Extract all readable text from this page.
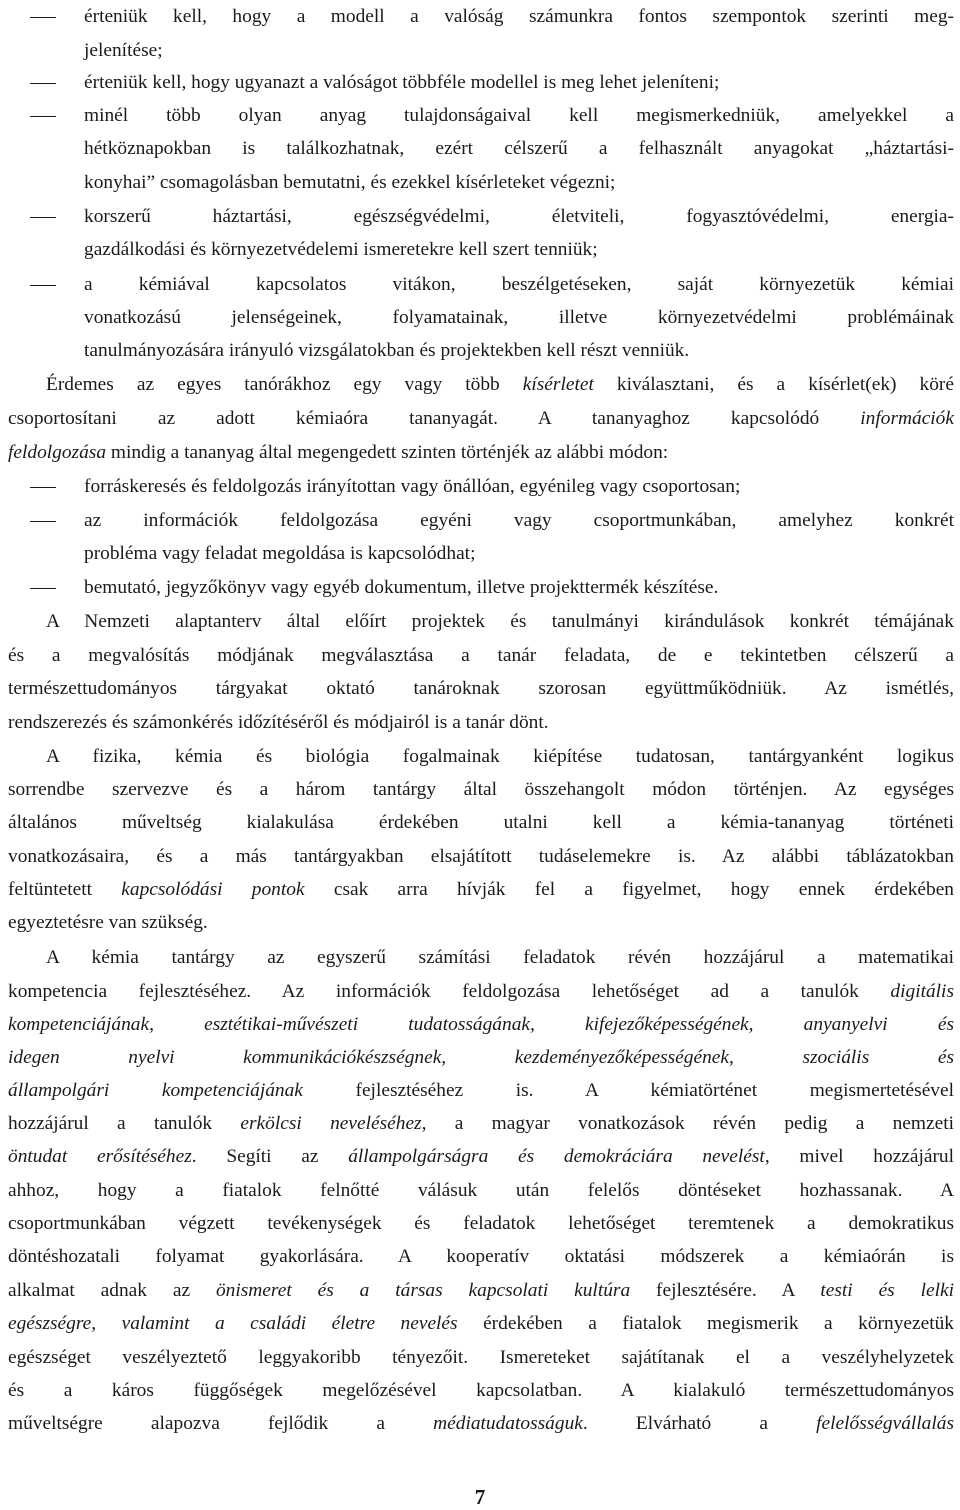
érteniük kell, hogy a modell a valóság számunkra fontos szempontok szerinti meg-
jelenítése;
érteniük kell, hogy ugyanazt a valóságot többféle modellel is meg lehet jeleníteni;
minél több olyan anyag tulajdonságaival kell megismerkedniük, amelyekkel a
hétköznapokban is találkozhatnak, ezért célszerű a felhasznált anyagokat „háztartási-
konyhai” csomagolásban bemutatni, és ezekkel kísérleteket végezni;
korszerű háztartási, egészségvédelmi, életviteli, fogyasztóvédelmi, energia-
gazdálkodási és környezetvédelemi ismeretekre kell szert tenniük;
a kémiával kapcsolatos vitákon, beszélgetéseken, saját környezetük kémiai
vonatkozású jelenségeinek, folyamatainak, illetve környezetvédelmi problémáinak
tanulmányozására irányuló vizsgálatokban és projektekben kell részt venniük.
Érdemes az egyes tanórákhoz egy vagy több kísérletet kiválasztani, és a kísérlet(ek) köré
csoportosítani az adott kémiaóra tananyagát. A tananyaghoz kapcsolódó információk
feldolgozása mindig a tananyag által megengedett szinten történjék az alábbi módon:
forráskeresés és feldolgozás irányítottan vagy önállóan, egyénileg vagy csoportosan;
az információk feldolgozása egyéni vagy csoportmunkában, amelyhez konkrét
probléma vagy feladat megoldása is kapcsolódhat;
bemutató, jegyzőkönyv vagy egyéb dokumentum, illetve projekttermék készítése.
A Nemzeti alaptanterv által előírt projektek és tanulmányi kirándulások konkrét témájának
és a megvalósítás módjának megválasztása a tanár feladata, de e tekintetben célszerű a
természettudományos tárgyakat oktató tanároknak szorosan együttműködniük. Az ismétlés,
rendszerezés és számonkérés időzítéséről és módjairól is a tanár dönt.
A fizika, kémia és biológia fogalmainak kiépítése tudatosan, tantárgyanként logikus
sorrendbe szervezve és a három tantárgy által összehangolt módon történjen. Az egységes
általános műveltség kialakulása érdekében utalni kell a kémia-tananyag történeti
vonatkozásaira, és a más tantárgyakban elsajátított tudáselemekre is. Az alábbi táblázatokban
feltüntetett kapcsolódási pontok csak arra hívják fel a figyelmet, hogy ennek érdekében
egyeztetésre van szükség.
A kémia tantárgy az egyszerű számítási feladatok révén hozzájárul a matematikai
kompetencia fejlesztéséhez. Az információk feldolgozása lehetőséget ad a tanulók digitális
kompetenciájának, esztétikai-művészeti tudatosságának, kifejezőképességének, anyanyelvi és
idegen nyelvi kommunikációkészségnek, kezdeményezőképességének, szociális és
állampolgári kompetenciájának fejlesztéséhez is. A kémiatörténet megismertetésével
hozzájárul a tanulók erkölcsi neveléséhez, a magyar vonatkozások révén pedig a nemzeti
öntudat erősítéséhez. Segíti az állampolgárságra és demokráciára nevelést, mivel hozzájárul
ahhoz, hogy a fiatalok felnőtté válásuk után felelős döntéseket hozhassanak. A
csoportmunkában végzett tevékenységek és feladatok lehetőséget teremtenek a demokratikus
döntéshozatali folyamat gyakorlására. A kooperatív oktatási módszerek a kémiaórán is
alkalmat adnak az önismeret és a társas kapcsolati kultúra fejlesztésére. A testi és lelki
egészségre, valamint a családi életre nevelés érdekében a fiatalok megismerik a környezetük
egészséget veszélyeztető leggyakoribb tényezőit. Ismereteket sajátítanak el a veszélyhelyzetek
és a káros függőségek megelőzésével kapcsolatban. A kialakuló természettudományos
műveltségre alapozva fejlődik a médiatudatosságuk. Elvárható a felelősségvállalás
7
